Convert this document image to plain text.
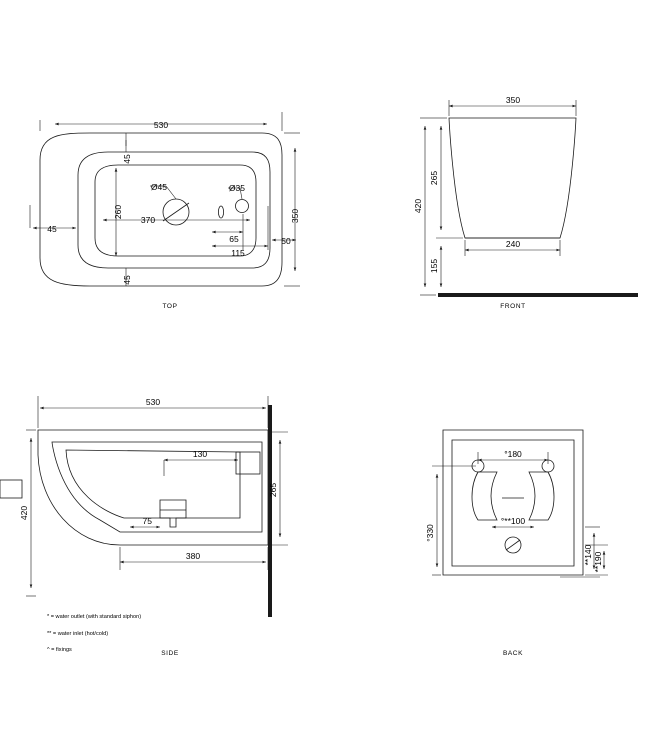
530
350
45
260
45
45
370
Ø45	Ø35
65
115
50
350
265
420
155
240
530
130
265
420
75
380
°180
°**100
°330
**140 **190
TOP	FRONT
SIDE	BACK

* = water outlet (with standard siphon)

** = water inlet (hot/cold)

^ = fixings
